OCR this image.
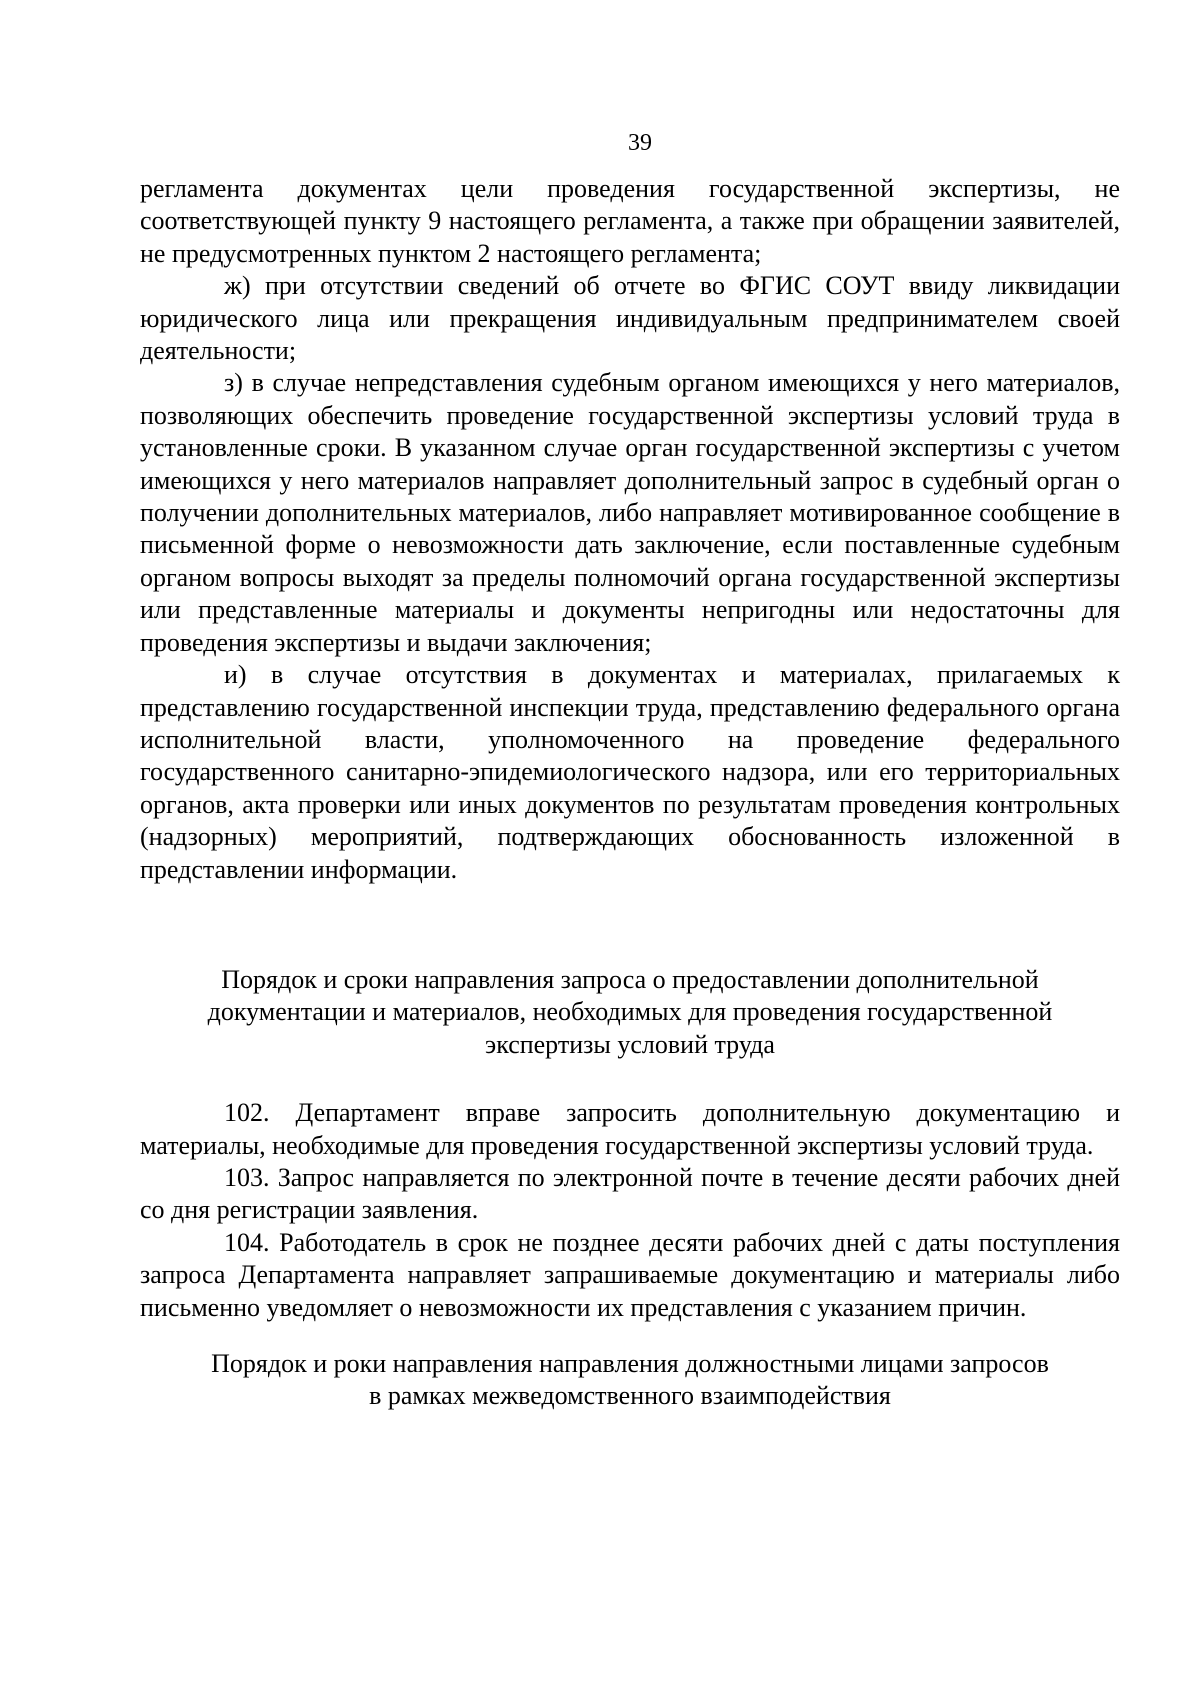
39

регламента документах цели проведения государственной экспертизы, не соответствующей пункту 9 настоящего регламента, а также при обращении заявителей, не предусмотренных пунктом 2 настоящего регламента;

ж) при отсутствии сведений об отчете во ФГИС СОУТ ввиду ликвидации юридического лица или прекращения индивидуальным предпринимателем своей деятельности;

з) в случае непредставления судебным органом имеющихся у него материалов, позволяющих обеспечить проведение государственной экспертизы условий труда в установленные сроки. В указанном случае орган государственной экспертизы с учетом имеющихся у него материалов направляет дополнительный запрос в судебный орган о получении дополнительных материалов, либо направляет мотивированное сообщение в письменной форме о невозможности дать заключение, если поставленные судебным органом вопросы выходят за пределы полномочий органа государственной экспертизы или представленные материалы и документы непригодны или недостаточны для проведения экспертизы и выдачи заключения;

и) в случае отсутствия в документах и материалах, прилагаемых к представлению государственной инспекции труда, представлению федерального органа исполнительной власти, уполномоченного на проведение федерального государственного санитарно-эпидемиологического надзора, или его территориальных органов, акта проверки или иных документов по результатам проведения контрольных (надзорных) мероприятий, подтверждающих обоснованность изложенной в представлении информации.

Порядок и сроки направления запроса о предоставлении дополнительной
документации и материалов, необходимых для проведения государственной
экспертизы условий труда

102. Департамент вправе запросить дополнительную документацию и материалы, необходимые для проведения государственной экспертизы условий труда.

103. Запрос направляется по электронной почте в течение десяти рабочих дней со дня регистрации заявления.

104. Работодатель в срок не позднее десяти рабочих дней с даты поступления запроса Департамента направляет запрашиваемые документацию и материалы либо письменно уведомляет о невозможности их представления с указанием причин.

Порядок и роки направления направления должностными лицами запросов
в рамках межведомственного взаимподействия
